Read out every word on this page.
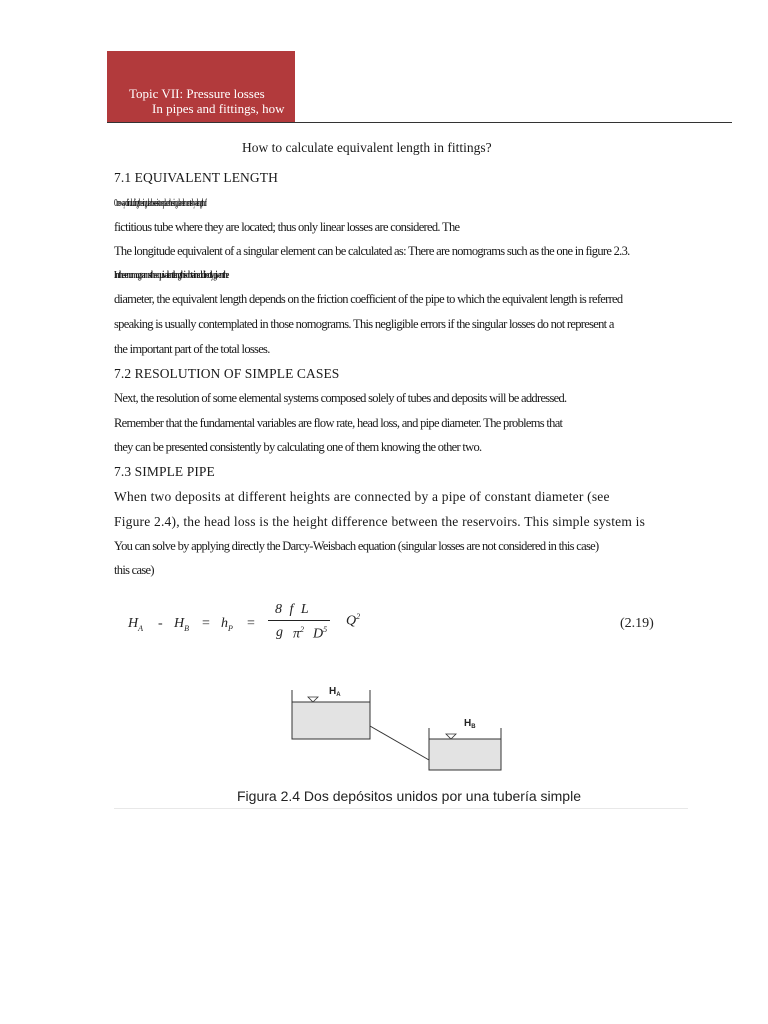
Topic VII: Pressure losses
In pipes and fittings, how
How to calculate equivalent length in fittings?
7.1 EQUIVALENT LENGTH
One way of including the singular losses is to replace the singular elements by a length of
fictitious tube where they are located; thus only linear losses are considered. The
The longitude equivalent of a singular element can be calculated as: There are nomograms such as the one in figure 2.3.
In these nomograms the equivalent length is obtained directly given the
diameter, the equivalent length depends on the friction coefficient of the pipe to which the equivalent length is referred
speaking is usually contemplated in those nomograms. This negligible errors if the singular losses do not represent a
the important part of the total losses.
7.2 RESOLUTION OF SIMPLE CASES
Next, the resolution of some elemental systems composed solely of tubes and deposits will be addressed.
Remember that the fundamental variables are flow rate, head loss, and pipe diameter. The problems that
they can be presented consistently by calculating one of them knowing the other two.
7.3 SIMPLE PIPE
When two deposits at different heights are connected by a pipe of constant diameter (see
Figure 2.4), the head loss is the height difference between the reservoirs. This simple system is
You can solve by applying directly the Darcy-Weisbach equation (singular losses are not considered in this case)
this case)
$H_A - H_B = h_P$ =
8 f L
g $\pi^2$ $D^5$
$Q^2$	(2.19)
$H_A$
$H_B$
Figura 2.4 Dos depósitos unidos por una tubería simple
